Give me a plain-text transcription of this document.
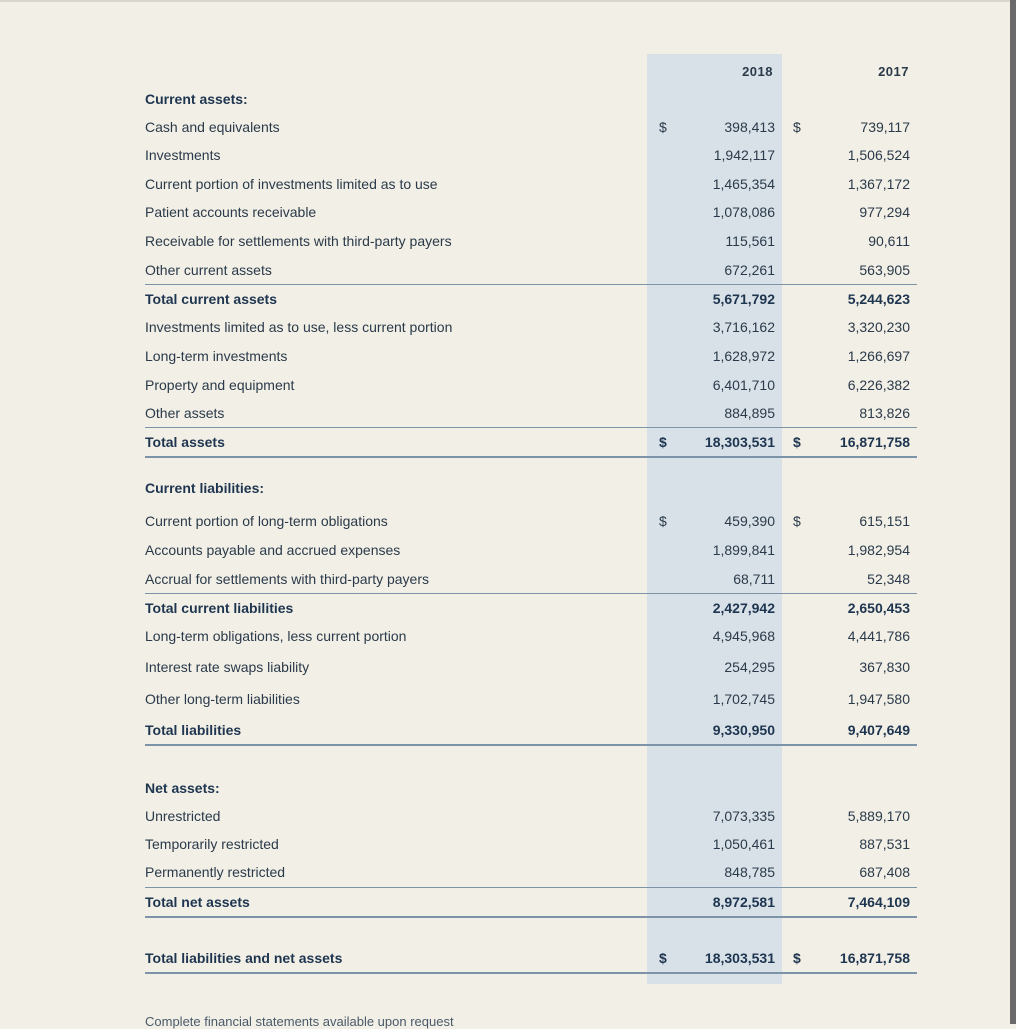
2018	2017
Current assets:
Cash and equivalents	$	398,413 $	739,117
Investments	1,942,117	1,506,524
Current portion of investments limited as to use	1,465,354	1,367,172
Patient accounts receivable	1,078,086	977,294
Receivable for settlements with third-party payers	115,561	90,611
Other current assets	672,261	563,905
Total current assets	5,671,792	5,244,623
Investments limited as to use, less current portion	3,716,162	3,320,230
Long-term investments	1,628,972	1,266,697
Property and equipment	6,401,710	6,226,382
Other assets	884,895	813,826
Total assets	$	18,303,531 $	16,871,758
Current liabilities:
Current portion of long-term obligations	$	459,390 $	615,151
Accounts payable and accrued expenses	1,899,841	1,982,954
Accrual for settlements with third-party payers	68,711	52,348
Total current liabilities	2,427,942	2,650,453
Long-term obligations, less current portion	4,945,968	4,441,786
Interest rate swaps liability	254,295	367,830
Other long-term liabilities	1,702,745	1,947,580
Total liabilities	9,330,950	9,407,649
Net assets:
Unrestricted	7,073,335	5,889,170
Temporarily restricted	1,050,461	887,531
Permanently restricted	848,785	687,408
Total net assets	8,972,581	7,464,109
Total liabilities and net assets	$	18,303,531 $	16,871,758
Complete financial statements available upon request
